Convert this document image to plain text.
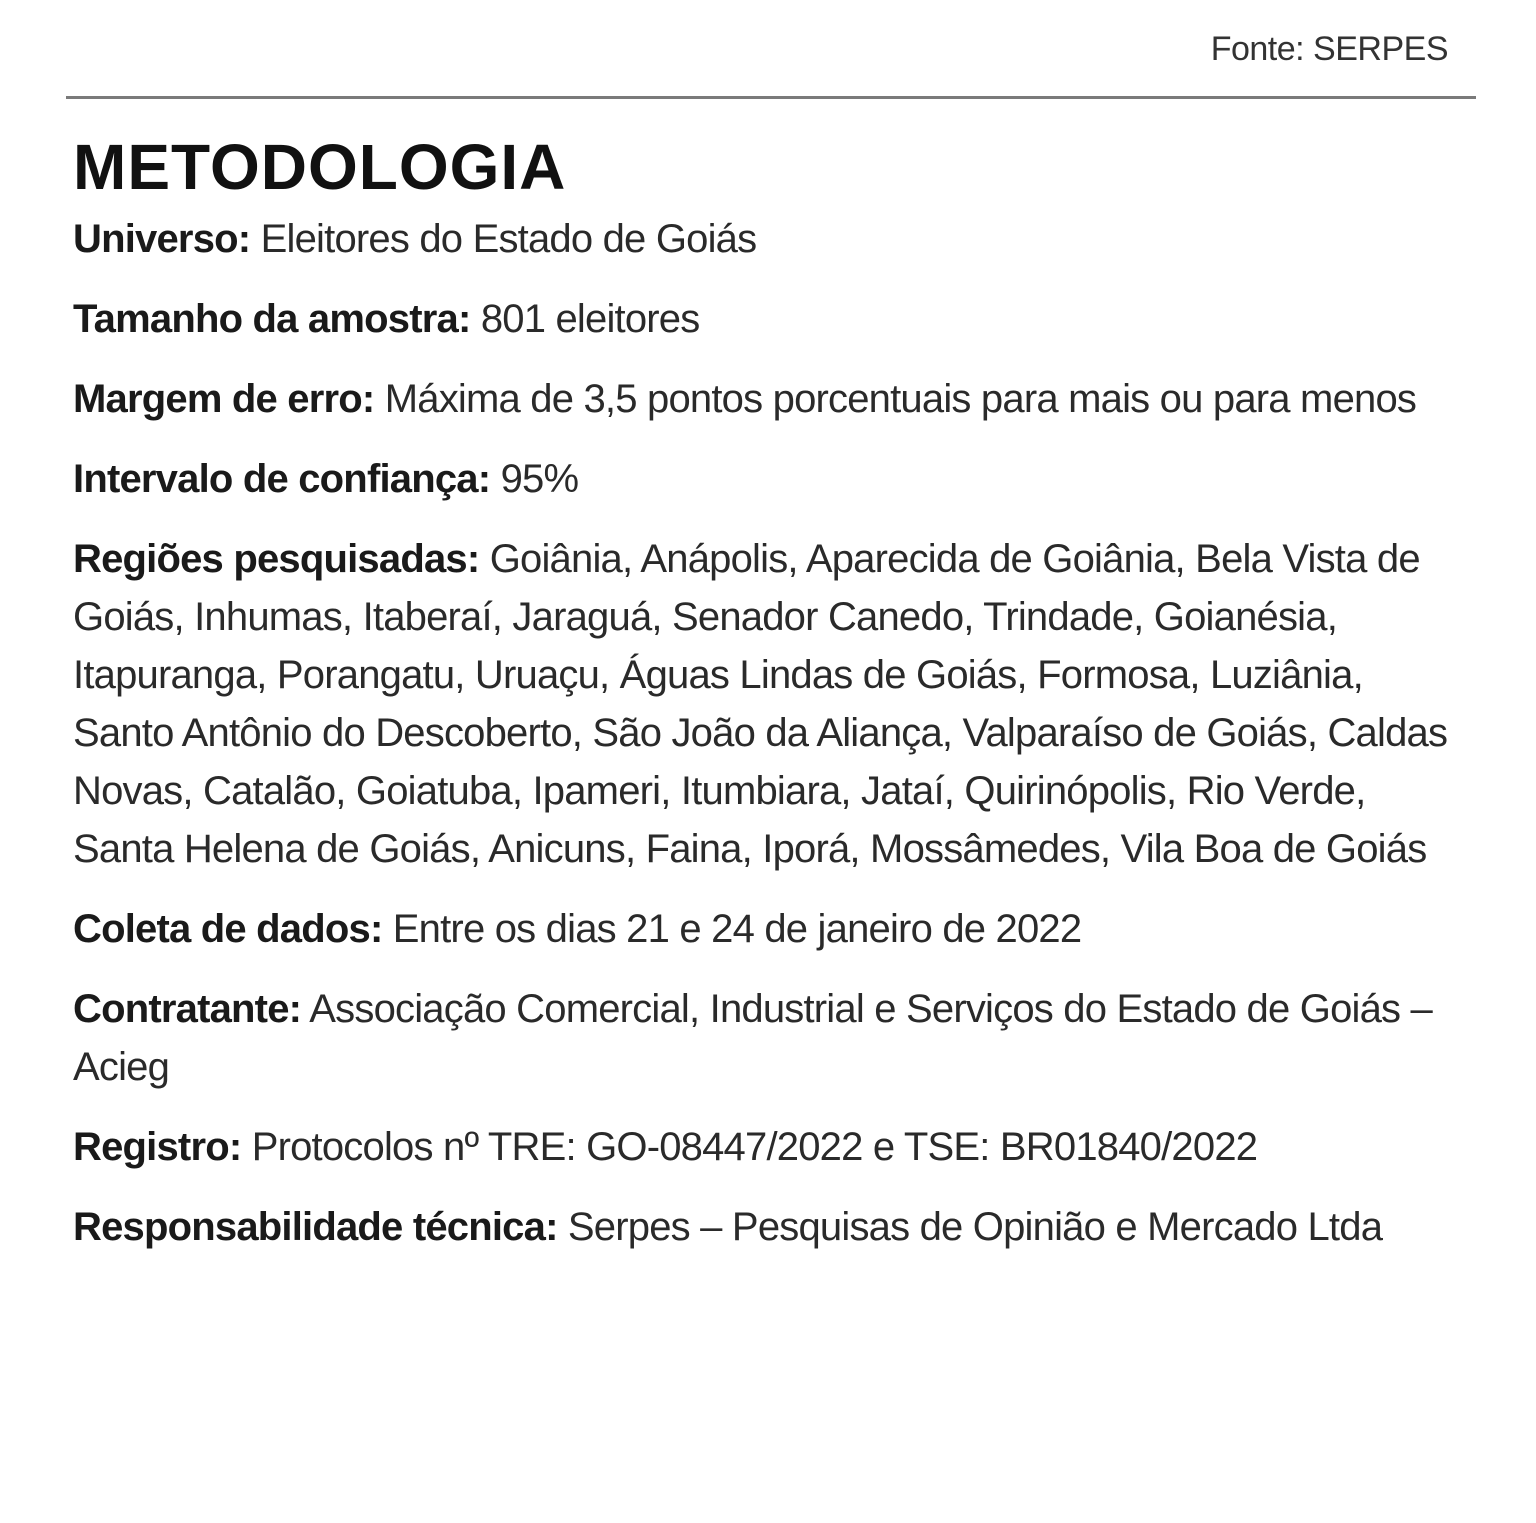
Fonte: SERPES
METODOLOGIA

Universo: Eleitores do Estado de Goiás

Tamanho da amostra: 801 eleitores

Margem de erro: Máxima de 3,5 pontos porcentuais para mais ou para menos

Intervalo de confiança: 95%

Regiões pesquisadas: Goiânia, Anápolis, Aparecida de Goiânia, Bela Vista de Goiás, Inhumas, Itaberaí, Jaraguá, Senador Canedo, Trindade, Goianésia, Itapuranga, Porangatu, Uruaçu, Águas Lindas de Goiás, Formosa, Luziânia, Santo Antônio do Descoberto, São João da Aliança, Valparaíso de Goiás, Caldas Novas, Catalão, Goiatuba, Ipameri, Itumbiara, Jataí, Quirinópolis, Rio Verde, Santa Helena de Goiás, Anicuns, Faina, Iporá, Mossâmedes, Vila Boa de Goiás

Coleta de dados: Entre os dias 21 e 24 de janeiro de 2022

Contratante: Associação Comercial, Industrial e Serviços do Estado de Goiás – Acieg

Registro: Protocolos nº TRE: GO-08447/2022 e TSE: BR01840/2022

Responsabilidade técnica: Serpes – Pesquisas de Opinião e Mercado Ltda
